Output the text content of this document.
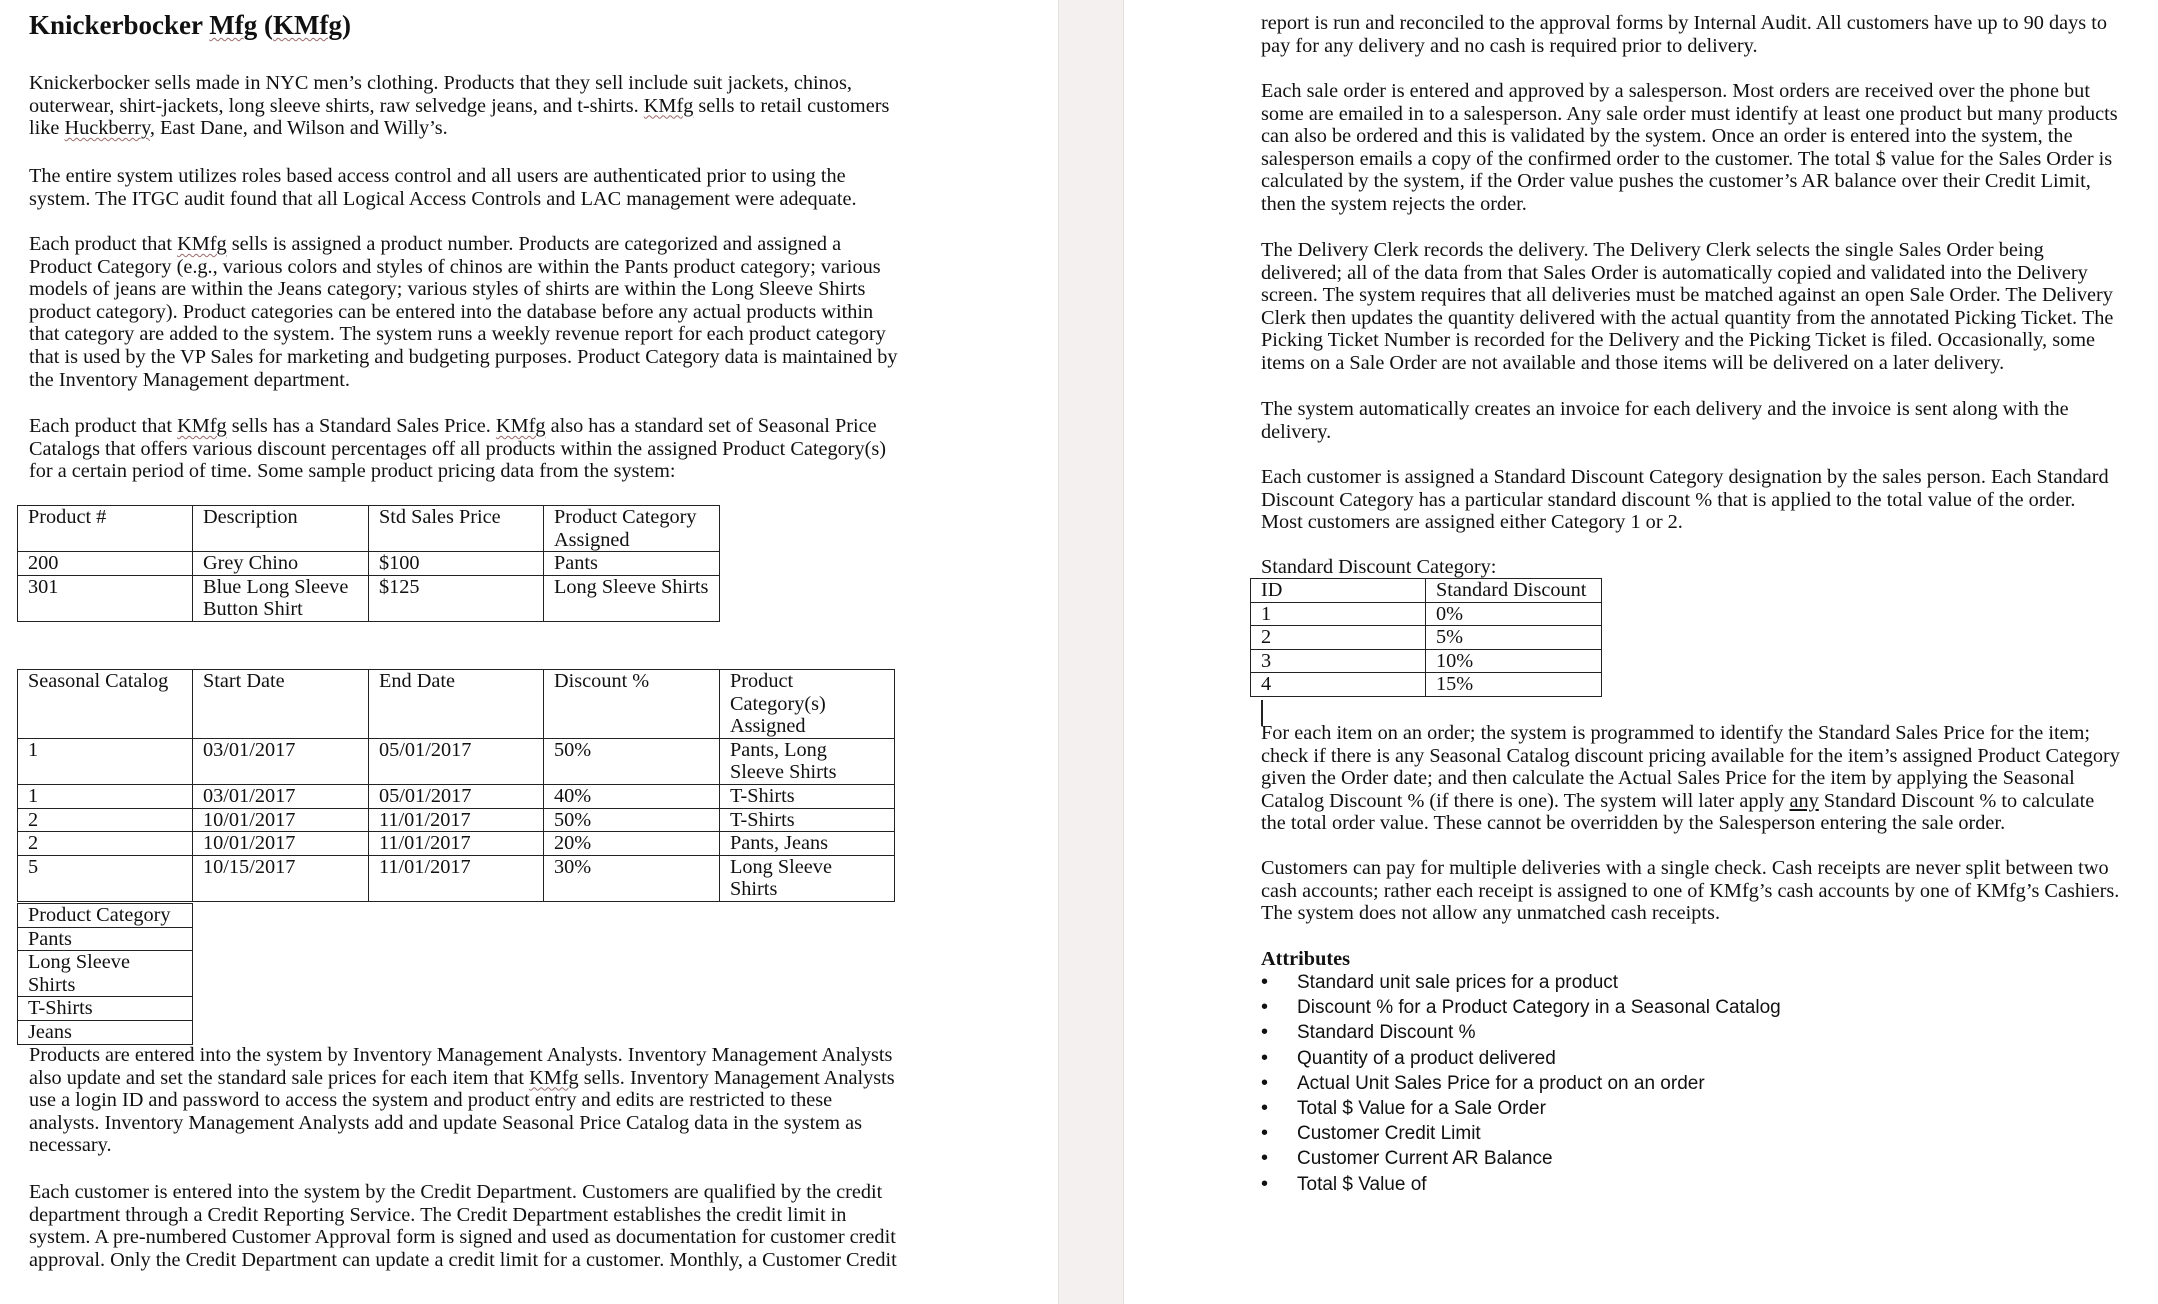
Knickerbocker Mfg (KMfg)

Knickerbocker sells made in NYC men’s clothing. Products that they sell include suit jackets, chinos, outerwear, shirt-jackets, long sleeve shirts, raw selvedge jeans, and t-shirts. KMfg sells to retail customers like Huckberry, East Dane, and Wilson and Willy’s.

The entire system utilizes roles based access control and all users are authenticated prior to using the system. The ITGC audit found that all Logical Access Controls and LAC management were adequate.

Each product that KMfg sells is assigned a product number. Products are categorized and assigned a Product Category (e.g., various colors and styles of chinos are within the Pants product category; various models of jeans are within the Jeans category; various styles of shirts are within the Long Sleeve Shirts product category). Product categories can be entered into the database before any actual products within that category are added to the system. The system runs a weekly revenue report for each product category that is used by the VP Sales for marketing and budgeting purposes. Product Category data is maintained by the Inventory Management department.

Each product that KMfg sells has a Standard Sales Price. KMfg also has a standard set of Seasonal Price Catalogs that offers various discount percentages off all products within the assigned Product Category(s) for a certain period of time. Some sample product pricing data from the system:

Product #	Description	Std Sales Price	Product Category Assigned
200	Grey Chino	$100	Pants
301	Blue Long Sleeve Button Shirt	$125	Long Sleeve Shirts
Seasonal Catalog	Start Date	End Date	Discount %	Product Category(s) Assigned
1	03/01/2017	05/01/2017	50%	Pants, Long Sleeve Shirts
1	03/01/2017	05/01/2017	40%	T-Shirts
2	10/01/2017	11/01/2017	50%	T-Shirts
2	10/01/2017	11/01/2017	20%	Pants, Jeans
5	10/15/2017	11/01/2017	30%	Long Sleeve Shirts
Product Category
Pants
Long Sleeve Shirts
T-Shirts
Jeans

Products are entered into the system by Inventory Management Analysts. Inventory Management Analysts also update and set the standard sale prices for each item that KMfg sells. Inventory Management Analysts use a login ID and password to access the system and product entry and edits are restricted to these analysts. Inventory Management Analysts add and update Seasonal Price Catalog data in the system as necessary.

Each customer is entered into the system by the Credit Department. Customers are qualified by the credit department through a Credit Reporting Service. The Credit Department establishes the credit limit in system. A pre-numbered Customer Approval form is signed and used as documentation for customer credit approval. Only the Credit Department can update a credit limit for a customer. Monthly, a Customer Credit

report is run and reconciled to the approval forms by Internal Audit. All customers have up to 90 days to pay for any delivery and no cash is required prior to delivery.

Each sale order is entered and approved by a salesperson. Most orders are received over the phone but some are emailed in to a salesperson. Any sale order must identify at least one product but many products can also be ordered and this is validated by the system. Once an order is entered into the system, the salesperson emails a copy of the confirmed order to the customer. The total $ value for the Sales Order is calculated by the system, if the Order value pushes the customer’s AR balance over their Credit Limit, then the system rejects the order.

The Delivery Clerk records the delivery. The Delivery Clerk selects the single Sales Order being delivered; all of the data from that Sales Order is automatically copied and validated into the Delivery screen. The system requires that all deliveries must be matched against an open Sale Order. The Delivery Clerk then updates the quantity delivered with the actual quantity from the annotated Picking Ticket. The Picking Ticket Number is recorded for the Delivery and the Picking Ticket is filed. Occasionally, some items on a Sale Order are not available and those items will be delivered on a later delivery.

The system automatically creates an invoice for each delivery and the invoice is sent along with the delivery.

Each customer is assigned a Standard Discount Category designation by the sales person. Each Standard Discount Category has a particular standard discount % that is applied to the total value of the order. Most customers are assigned either Category 1 or 2.

Standard Discount Category:

ID	Standard Discount
1	0%
2	5%
3	10%
4	15%

For each item on an order; the system is programmed to identify the Standard Sales Price for the item; check if there is any Seasonal Catalog discount pricing available for the item’s assigned Product Category given the Order date; and then calculate the Actual Sales Price for the item by applying the Seasonal Catalog Discount % (if there is one). The system will later apply any Standard Discount % to calculate the total order value. These cannot be overridden by the Salesperson entering the sale order.

Customers can pay for multiple deliveries with a single check. Cash receipts are never split between two cash accounts; rather each receipt is assigned to one of KMfg’s cash accounts by one of KMfg’s Cashiers. The system does not allow any unmatched cash receipts.

Attributes

• Standard unit sale prices for a product
• Discount % for a Product Category in a Seasonal Catalog
• Standard Discount %
• Quantity of a product delivered
• Actual Unit Sales Price for a product on an order
• Total $ Value for a Sale Order
• Customer Credit Limit
• Customer Current AR Balance
• Total $ Value of
